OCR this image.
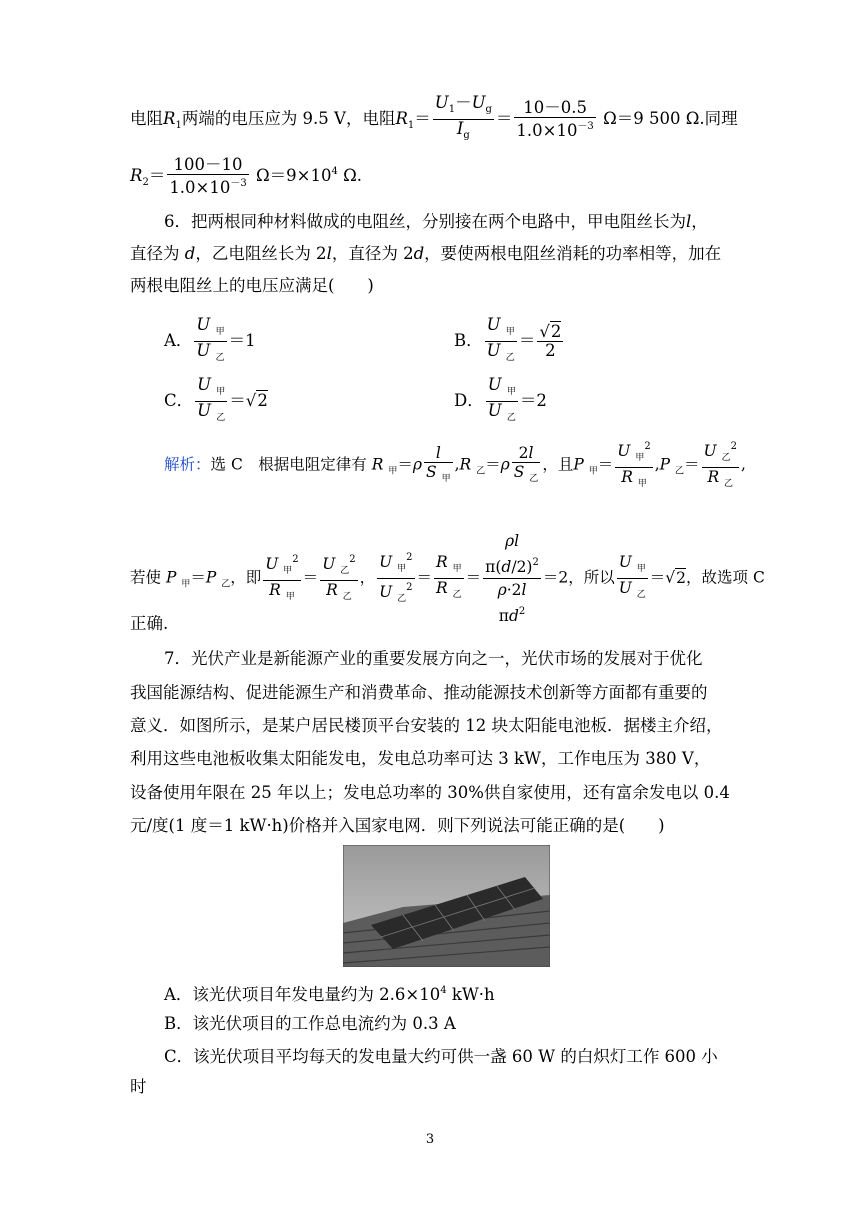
电阻$R_1$两端的电压应为 9.5 V，电阻$R_1= \frac{U_1-U_g}{I_g} = \frac{10-0.5}{1.0\times 10^{-3}} \Omega=9$ 500 Ω.同理
$R_2= \frac{100-10}{1.0\times 10^{-3}} \Omega=9\times 10^4$ Ω.
6．把两根同种材料做成的电阻丝，分别接在两个电路中，甲电阻丝长为l，
直径为 d，乙电阻丝长为 2l，直径为 2d，要使两根电阻丝消耗的功率相等，加在
两根电阻丝上的电压应满足(　　)
A．
U $_甲$
U $_乙$
＝1	B．
U $_甲$
U $_乙$
＝ $\frac{√2}{2}$
C．
U $_甲$
U $_乙$
＝√2	D．
U $_甲$
U $_乙$
＝2
解析：选 C　根据电阻定律有 R $_甲$＝ρ
l
S $_甲$
,R $_乙$＝ρ
2l
S $_乙$
，且P $_甲$＝
U $_甲^2$
R $_甲$
,P $_乙$＝
U $_乙^2$
R $_乙$
,
若使 P $_甲$＝P $_乙$，即
U $_甲^2$
R $_甲$
＝
U $_乙^2$
R $_乙$
，
U $_甲^2$
U $_乙^2$
＝
R $_甲$
R $_乙$
＝
ρl
$\pi(d/2)^2$
ρ·2l
$\pi d^2$
＝2，所以
U $_甲$
U $_乙$
＝√2，故选项 C
正确.
7．光伏产业是新能源产业的重要发展方向之一，光伏市场的发展对于优化
我国能源结构、促进能源生产和消费革命、推动能源技术创新等方面都有重要的
意义．如图所示，是某户居民楼顶平台安装的 12 块太阳能电池板．据楼主介绍，
利用这些电池板收集太阳能发电，发电总功率可达 3 kW，工作电压为 380 V，
设备使用年限在 25 年以上；发电总功率的 30%供自家使用，还有富余发电以 0.4
元/度(1 度＝1 kW·h)价格并入国家电网．则下列说法可能正确的是(　　)
A．该光伏项目年发电量约为 $2.6\times 10^4$ kW·h
B．该光伏项目的工作总电流约为 0.3 A
C．该光伏项目平均每天的发电量大约可供一盏 60 W 的白炽灯工作 600 小
时
3
